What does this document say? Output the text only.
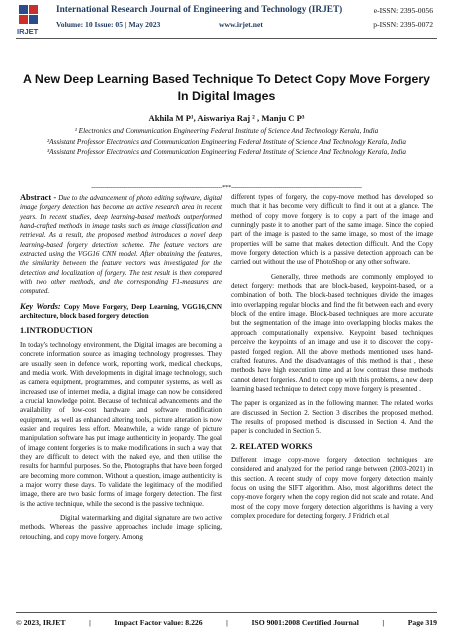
IRJET
International Research Journal of Engineering and Technology (IRJET)	e-ISSN: 2395-0056
Volume: 10 Issue: 05 | May 2023	www.irjet.net	p-ISSN: 2395-0072
A New Deep Learning Based Technique To Detect Copy Move Forgery
In Digital Images
Akhila M P¹, Aiswariya Raj ² , Manju C P³
¹ Electronics and Communication Engineering Federal Institute of Science And Technology Kerala, India
²Assistant Professor Electronics and Communication Engineering Federal Institute of Science And Technology Kerala, India
³Assistant Professor Electronics and Communication Engineering Federal Institute of Science And Technology Kerala, India
---------------------------------------------------------------------***---------------------------------------------------------------------

Abstract - Due to the advancement of photo editing software, digital image forgery detection has become an active research area in recent years. In recent studies, deep learning-based methods outperformed hand-crafted methods in image tasks such as image classification and retrieval. As a result, the proposed method introduces a novel deep learning-based forgery detection scheme. The feature vectors are extracted using the VGG16 CNN model. After obtaining the features, the similarity between the feature vectors was investigated for the detection and localization of forgery. The test result is then compared with two other methods, and the corresponding F1-measures are computed.

Key Words: Copy Move Forgery, Deep Learning, VGG16,CNN architecture, block based forgery detection

1.INTRODUCTION

In today's technology environment, the Digital images are becoming a concrete information source as imaging technology progresses. They are usually seen in defence work, reporting work, medical checkups, and media work. With developments in digital image technology, such as camera equipment, programmes, and computer systems, as well as increased use of internet media, a digital image can now be considered a crucial knowledge point. Because of technical advancements and the availability of low-cost hardware and software modification equipment, as well as enhanced altering tools, picture alteration is now easier and requires less effort. Meanwhile, a wide range of picture manipulation software has put image authenticity in jeopardy. The goal of image content forgeries is to make modifications in such a way that they are difficult to detect with the naked eye, and then utilise the results for harmful purposes. So the, Photographs that have been forged are becoming more common. Without a question, image authenticity is a major worry these days. To validate the legitimacy of the modified image, there are two basic forms of image forgery detection. The first is the active technique, while the second is the passive technique.

Digital watermarking and digital signature are two active methods. Whereas the passive approaches include image splicing, retouching, and copy move forgery. Among

different types of forgery, the copy-move method has developed so much that it has become very difficult to find it out at a glance. The method of copy move forgery is to copy a part of the image and cunningly paste it to another part of the same image. Since the copied part of the image is pasted to the same image, so most of the image properties will be same that makes detection difficult. And the Copy move forgery detection which is a passive detection approach can be carried out without the use of PhotoShop or any other software.

Generally, three methods are commonly employed to detect forgery: methods that are block-based, keypoint-based, or a combination of both. The block-based techniques divide the images into overlapping regular blocks and find the fit between each and every block of the entire image. Block-based techniques are more accurate but the segmentation of the image into overlapping blocks makes the approach computationally expensive. Keypoint based techniques perceive the keypoints of an image and use it to discover the copy-pasted forged region. All the above methods mentioned uses hand-crafted features. And the disadvantages of this method is that , these methods have high execution time and at low contrast these methods cannot detect forgeries. And to cope up with this problems, a new deep learning based technique to detect copy move forgery is presented .

The paper is organized as in the following manner. The related works are discussed in Section 2. Section 3 discribes the proposed method. The results of proposed method is discussed in Section 4. And the paper is concluded in Section 5.

2. RELATED WORKS

Different image copy-move forgery detection techniques are considered and analyzed for the period range between (2003-2021) in this section. A recent study of copy move forgery detection mainly focus on using the SIFT algorithm. Also, most algorithms detect the copy-move forgery when the copy region did not scale and rotate. And most of the copy move forgery detection algorithms is having a very complex procedure for detecting forgery. J Fridrich et.al

© 2023, IRJET	|	Impact Factor value: 8.226	|	ISO 9001:2008 Certified Journal	|	Page 319
